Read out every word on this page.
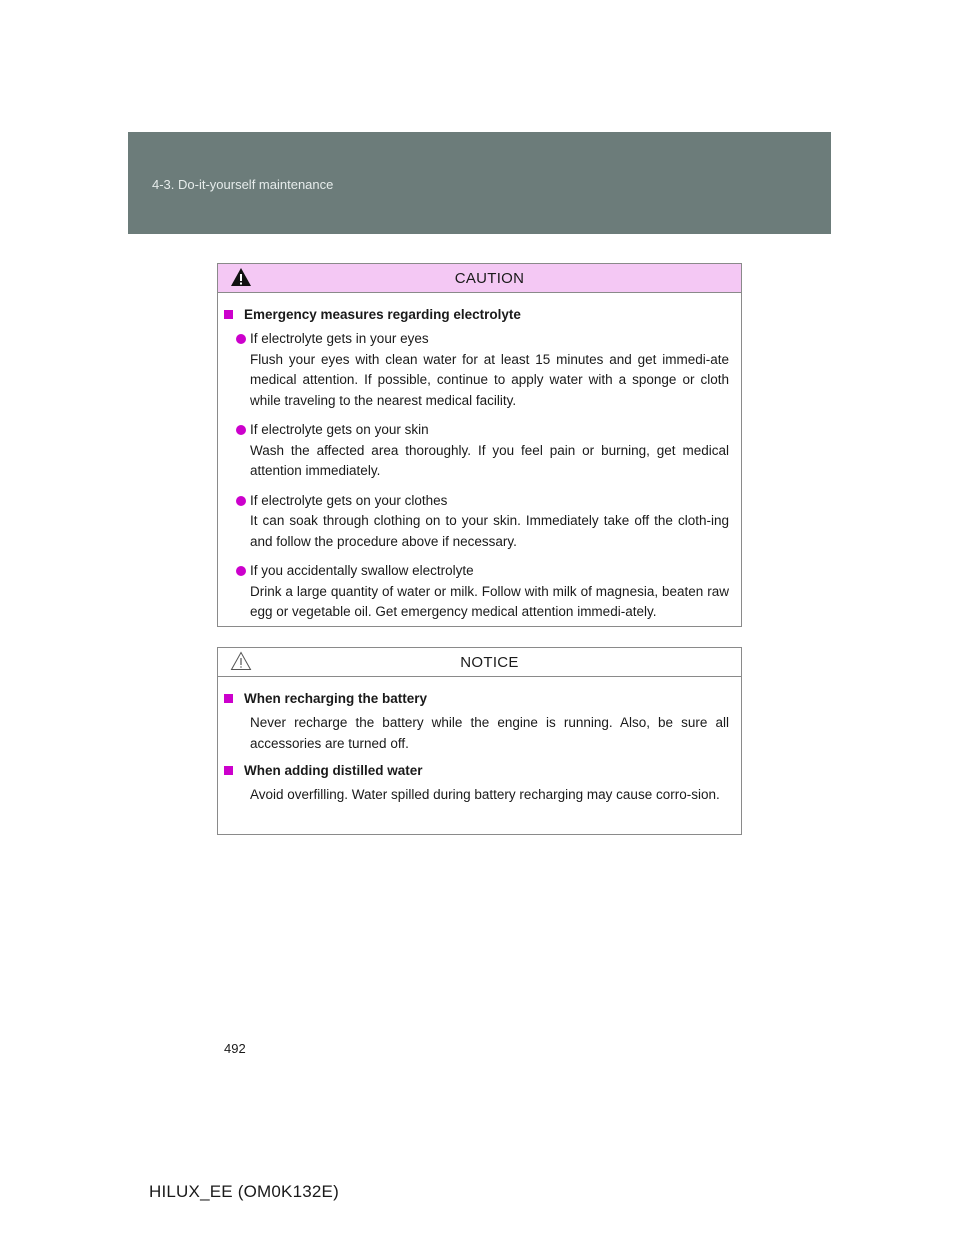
4-3. Do-it-yourself maintenance
CAUTION
Emergency measures regarding electrolyte
If electrolyte gets in your eyes
Flush your eyes with clean water for at least 15 minutes and get immedi-ate medical attention. If possible, continue to apply water with a sponge or cloth while traveling to the nearest medical facility.
If electrolyte gets on your skin
Wash the affected area thoroughly. If you feel pain or burning, get medical attention immediately.
If electrolyte gets on your clothes
It can soak through clothing on to your skin. Immediately take off the cloth-ing and follow the procedure above if necessary.
If you accidentally swallow electrolyte
Drink a large quantity of water or milk. Follow with milk of magnesia, beaten raw egg or vegetable oil. Get emergency medical attention immedi-ately.
NOTICE
When recharging the battery
Never recharge the battery while the engine is running. Also, be sure all accessories are turned off.
When adding distilled water
Avoid overfilling. Water spilled during battery recharging may cause corro-sion.
492
HILUX_EE (OM0K132E)
